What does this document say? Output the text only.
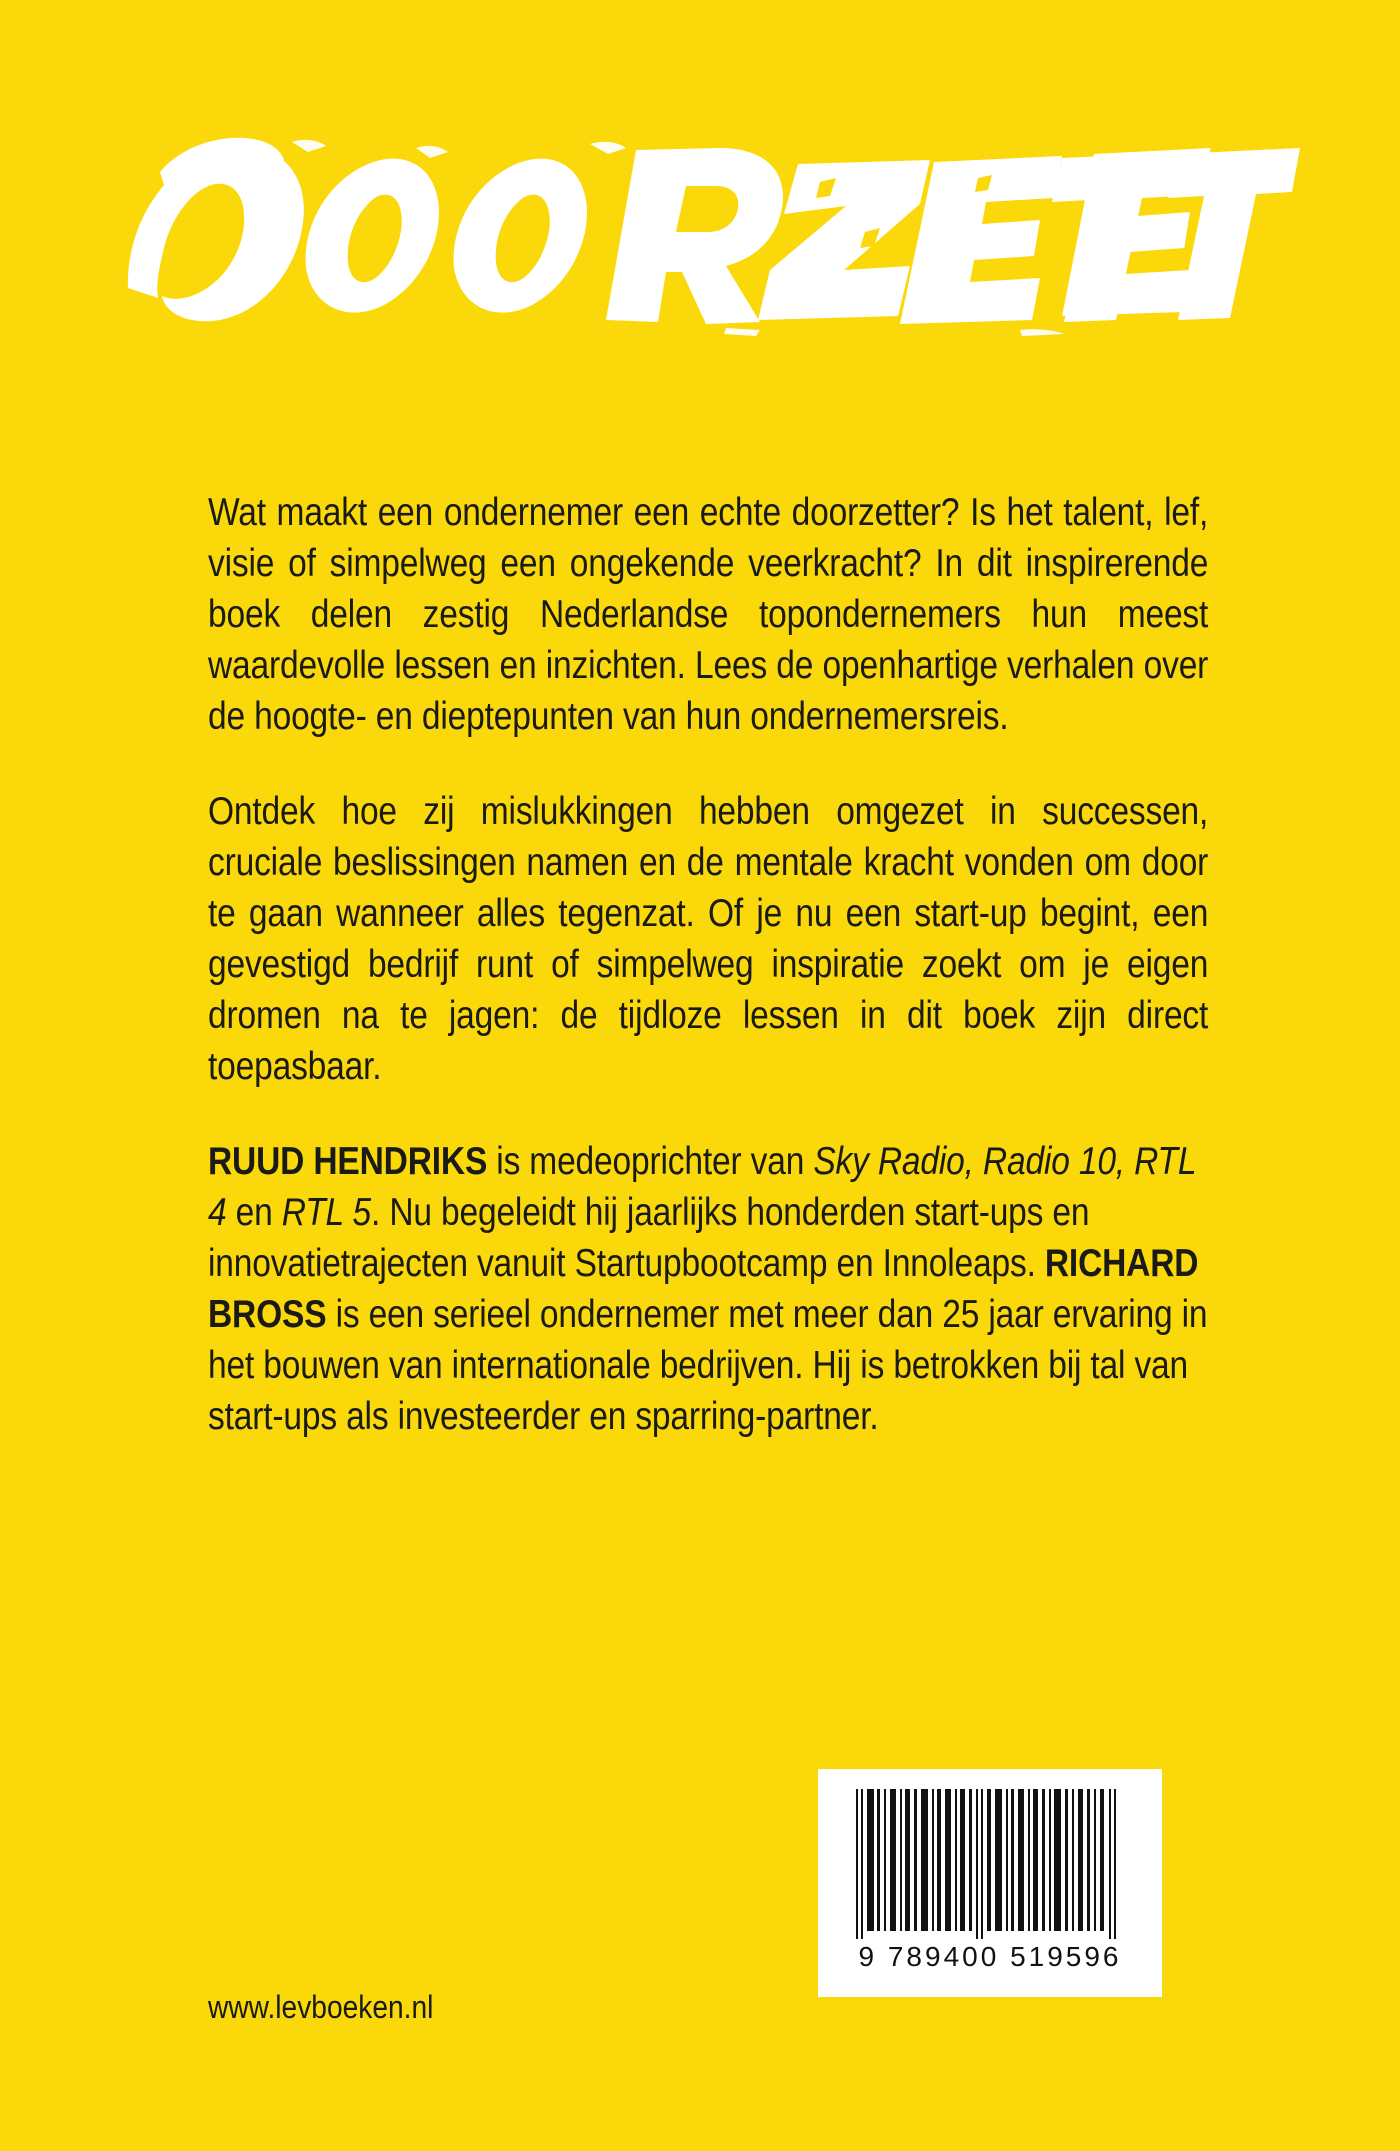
Wat maakt een ondernemer een echte doorzetter? Is het talent, lef, visie of simpelweg een ongekende veerkracht? In dit inspirerende boek delen zestig Nederlandse topondernemers hun meest waardevolle lessen en inzichten. Lees de openhartige verhalen over de hoogte- en dieptepunten van hun ondernemersreis.

Ontdek hoe zij mislukkingen hebben omgezet in successen, cruciale beslissingen namen en de mentale kracht vonden om door te gaan wanneer alles tegenzat. Of je nu een start-up begint, een gevestigd bedrijf runt of simpelweg inspiratie zoekt om je eigen dromen na te jagen: de tijdloze lessen in dit boek zijn direct toepasbaar.

RUUD HENDRIKS is medeoprichter van Sky Radio, Radio 10, RTL 4 en RTL 5. Nu begeleidt hij jaarlijks honderden start-ups en innovatietrajecten vanuit Startupbootcamp en Innoleaps. RICHARD BROSS is een serieel ondernemer met meer dan 25 jaar ervaring in het bouwen van internationale bedrijven. Hij is betrokken bij tal van start-ups als investeerder en sparring-partner.

9 789400 519596
www.levboeken.nl
